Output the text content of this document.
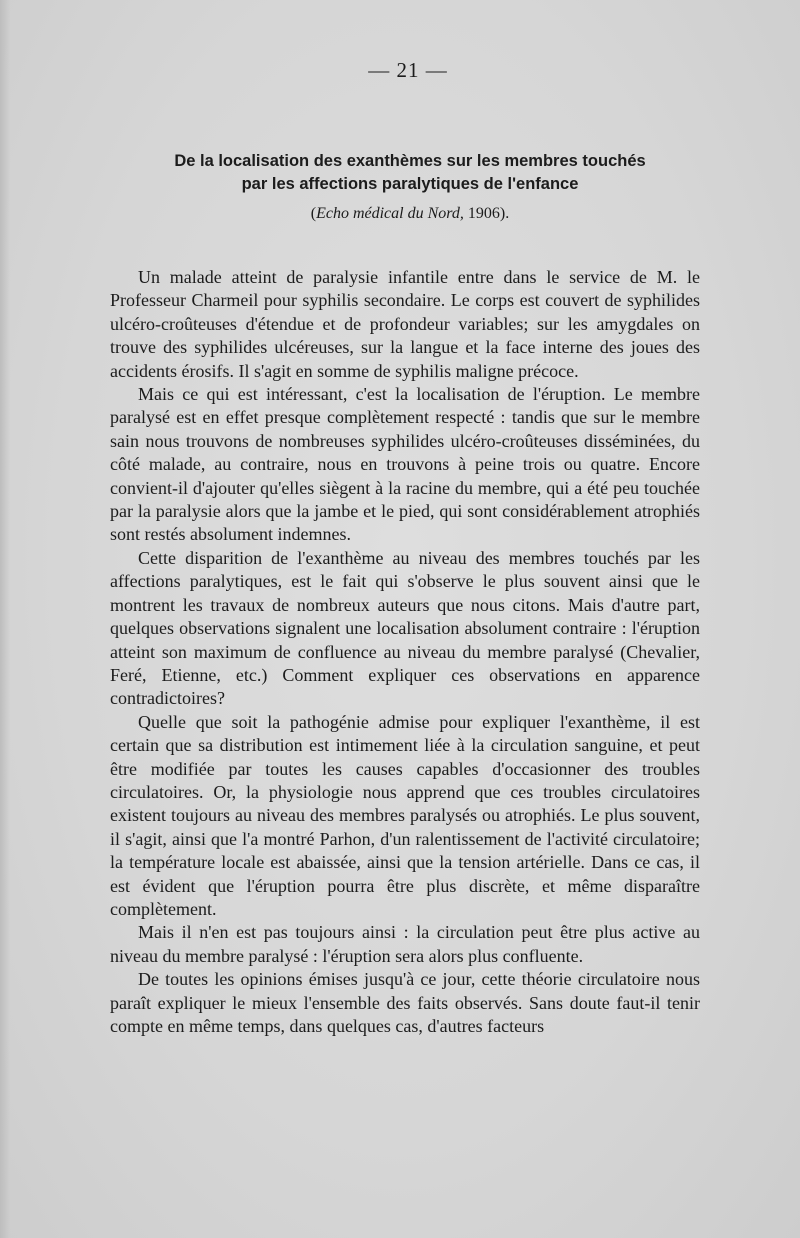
— 21 —
De la localisation des exanthèmes sur les membres touchés
par les affections paralytiques de l'enfance
(Echo médical du Nord, 1906).

Un malade atteint de paralysie infantile entre dans le service de M. le Professeur Charmeil pour syphilis secondaire. Le corps est couvert de syphilides ulcéro-croûteuses d'étendue et de profondeur variables; sur les amygdales on trouve des syphilides ulcéreuses, sur la langue et la face interne des joues des accidents érosifs. Il s'agit en somme de syphilis maligne précoce.

Mais ce qui est intéressant, c'est la localisation de l'éruption. Le membre paralysé est en effet presque complètement respecté : tandis que sur le membre sain nous trouvons de nombreuses syphilides ulcéro-croûteuses disséminées, du côté malade, au contraire, nous en trouvons à peine trois ou quatre. Encore convient-il d'ajouter qu'elles siègent à la racine du membre, qui a été peu touchée par la paralysie alors que la jambe et le pied, qui sont considérablement atrophiés sont restés absolument indemnes.

Cette disparition de l'exanthème au niveau des membres touchés par les affections paralytiques, est le fait qui s'observe le plus souvent ainsi que le montrent les travaux de nombreux auteurs que nous citons. Mais d'autre part, quelques observations signalent une localisation absolument contraire : l'éruption atteint son maximum de confluence au niveau du membre paralysé (Chevalier, Feré, Etienne, etc.) Comment expliquer ces observations en apparence contradictoires?

Quelle que soit la pathogénie admise pour expliquer l'exanthème, il est certain que sa distribution est intimement liée à la circulation sanguine, et peut être modifiée par toutes les causes capables d'occasionner des troubles circulatoires. Or, la physiologie nous apprend que ces troubles circulatoires existent toujours au niveau des membres paralysés ou atrophiés. Le plus souvent, il s'agit, ainsi que l'a montré Parhon, d'un ralentissement de l'activité circulatoire; la température locale est abaissée, ainsi que la tension artérielle. Dans ce cas, il est évident que l'éruption pourra être plus discrète, et même disparaître complètement.

Mais il n'en est pas toujours ainsi : la circulation peut être plus active au niveau du membre paralysé : l'éruption sera alors plus confluente.

De toutes les opinions émises jusqu'à ce jour, cette théorie circulatoire nous paraît expliquer le mieux l'ensemble des faits observés. Sans doute faut-il tenir compte en même temps, dans quelques cas, d'autres facteurs
